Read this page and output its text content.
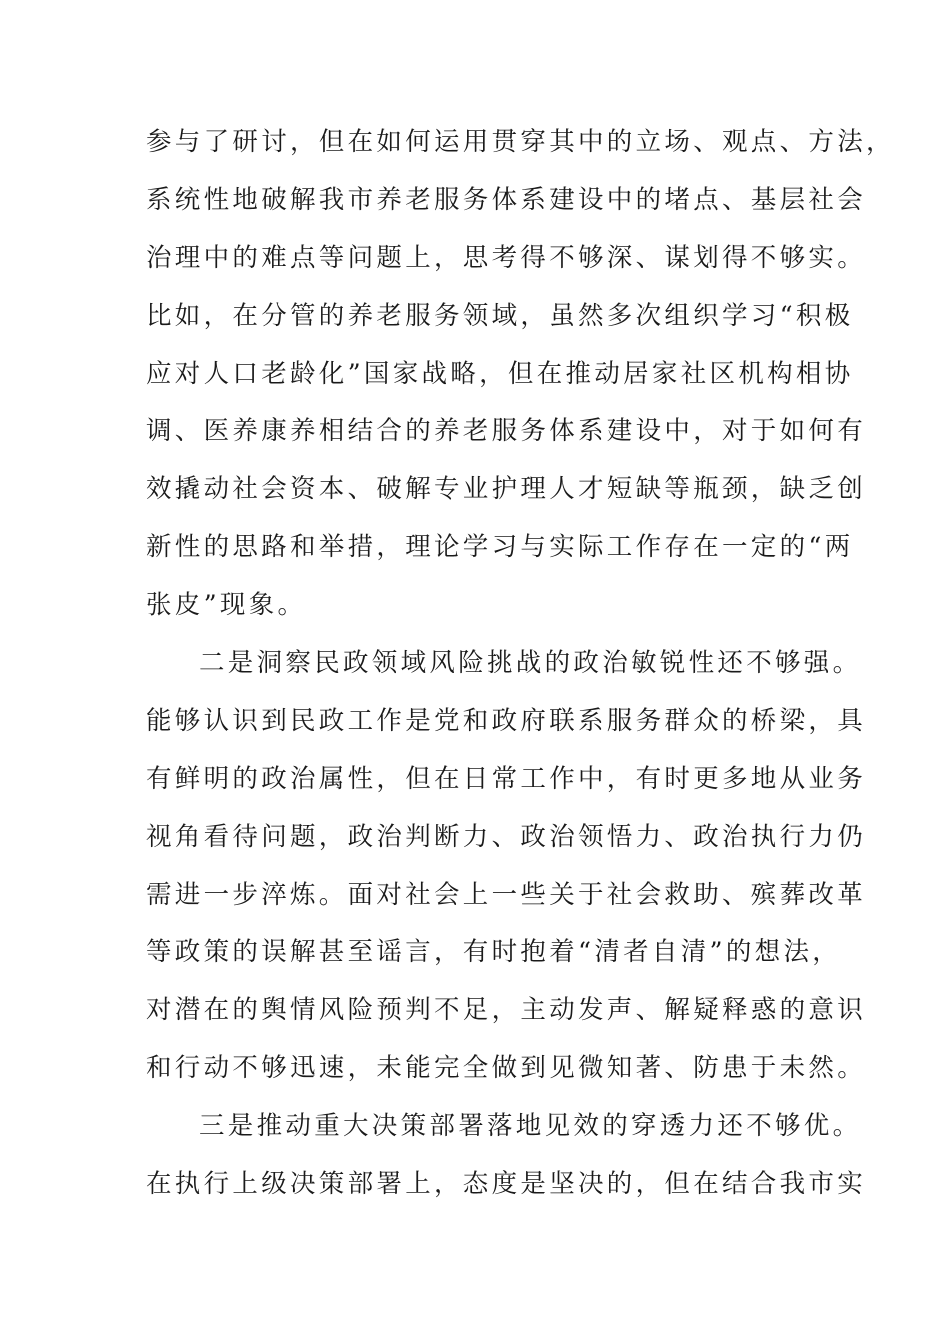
参与了研讨，但在如何运用贯穿其中的立场、观点、方法，
系统性地破解我市养老服务体系建设中的堵点、基层社会
治理中的难点等问题上，思考得不够深、谋划得不够实。
比如，在分管的养老服务领域，虽然多次组织学习“积极
应对人口老龄化”国家战略，但在推动居家社区机构相协
调、医养康养相结合的养老服务体系建设中，对于如何有
效撬动社会资本、破解专业护理人才短缺等瓶颈，缺乏创
新性的思路和举措，理论学习与实际工作存在一定的“两
张皮”现象。
二是洞察民政领域风险挑战的政治敏锐性还不够强。
能够认识到民政工作是党和政府联系服务群众的桥梁，具
有鲜明的政治属性，但在日常工作中，有时更多地从业务
视角看待问题，政治判断力、政治领悟力、政治执行力仍
需进一步淬炼。面对社会上一些关于社会救助、殡葬改革
等政策的误解甚至谣言，有时抱着“清者自清”的想法，
对潜在的舆情风险预判不足，主动发声、解疑释惑的意识
和行动不够迅速，未能完全做到见微知著、防患于未然。
三是推动重大决策部署落地见效的穿透力还不够优。
在执行上级决策部署上，态度是坚决的，但在结合我市实
